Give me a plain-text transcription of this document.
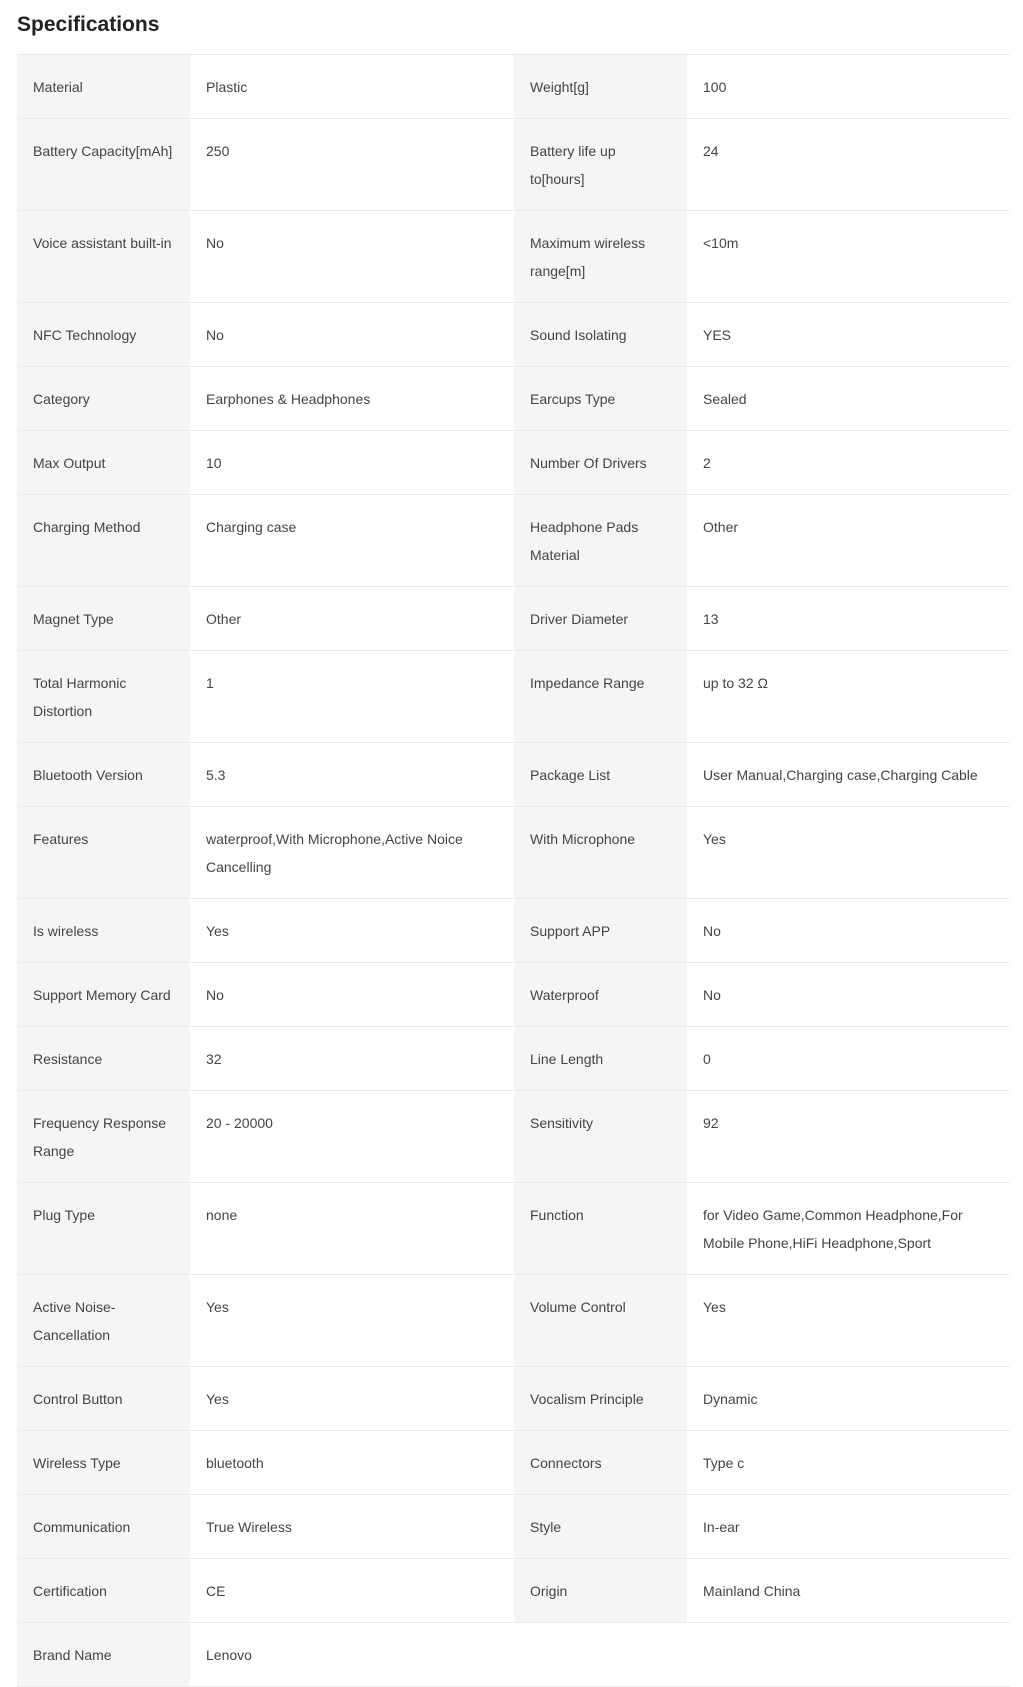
Specifications
Material	Plastic	Weight[g]	100
Battery Capacity[mAh]	250	Battery life up to[hours]	24
Voice assistant built-in	No	Maximum wireless range[m]	<10m
NFC Technology	No	Sound Isolating	YES
Category	Earphones & Headphones	Earcups Type	Sealed
Max Output	10	Number Of Drivers	2
Charging Method	Charging case	Headphone Pads Material	Other
Magnet Type	Other	Driver Diameter	13
Total Harmonic Distortion	1	Impedance Range	up to 32 Ω
Bluetooth Version	5.3	Package List	User Manual,Charging case,Charging Cable
Features	waterproof,With Microphone,Active Noice Cancelling	With Microphone	Yes
Is wireless	Yes	Support APP	No
Support Memory Card	No	Waterproof	No
Resistance	32	Line Length	0
Frequency Response Range	20 - 20000	Sensitivity	92
Plug Type	none	Function	for Video Game,Common Headphone,For Mobile Phone,HiFi Headphone,Sport
Active Noise-Cancellation	Yes	Volume Control	Yes
Control Button	Yes	Vocalism Principle	Dynamic
Wireless Type	bluetooth	Connectors	Type c
Communication	True Wireless	Style	In-ear
Certification	CE	Origin	Mainland China
Brand Name	Lenovo		
